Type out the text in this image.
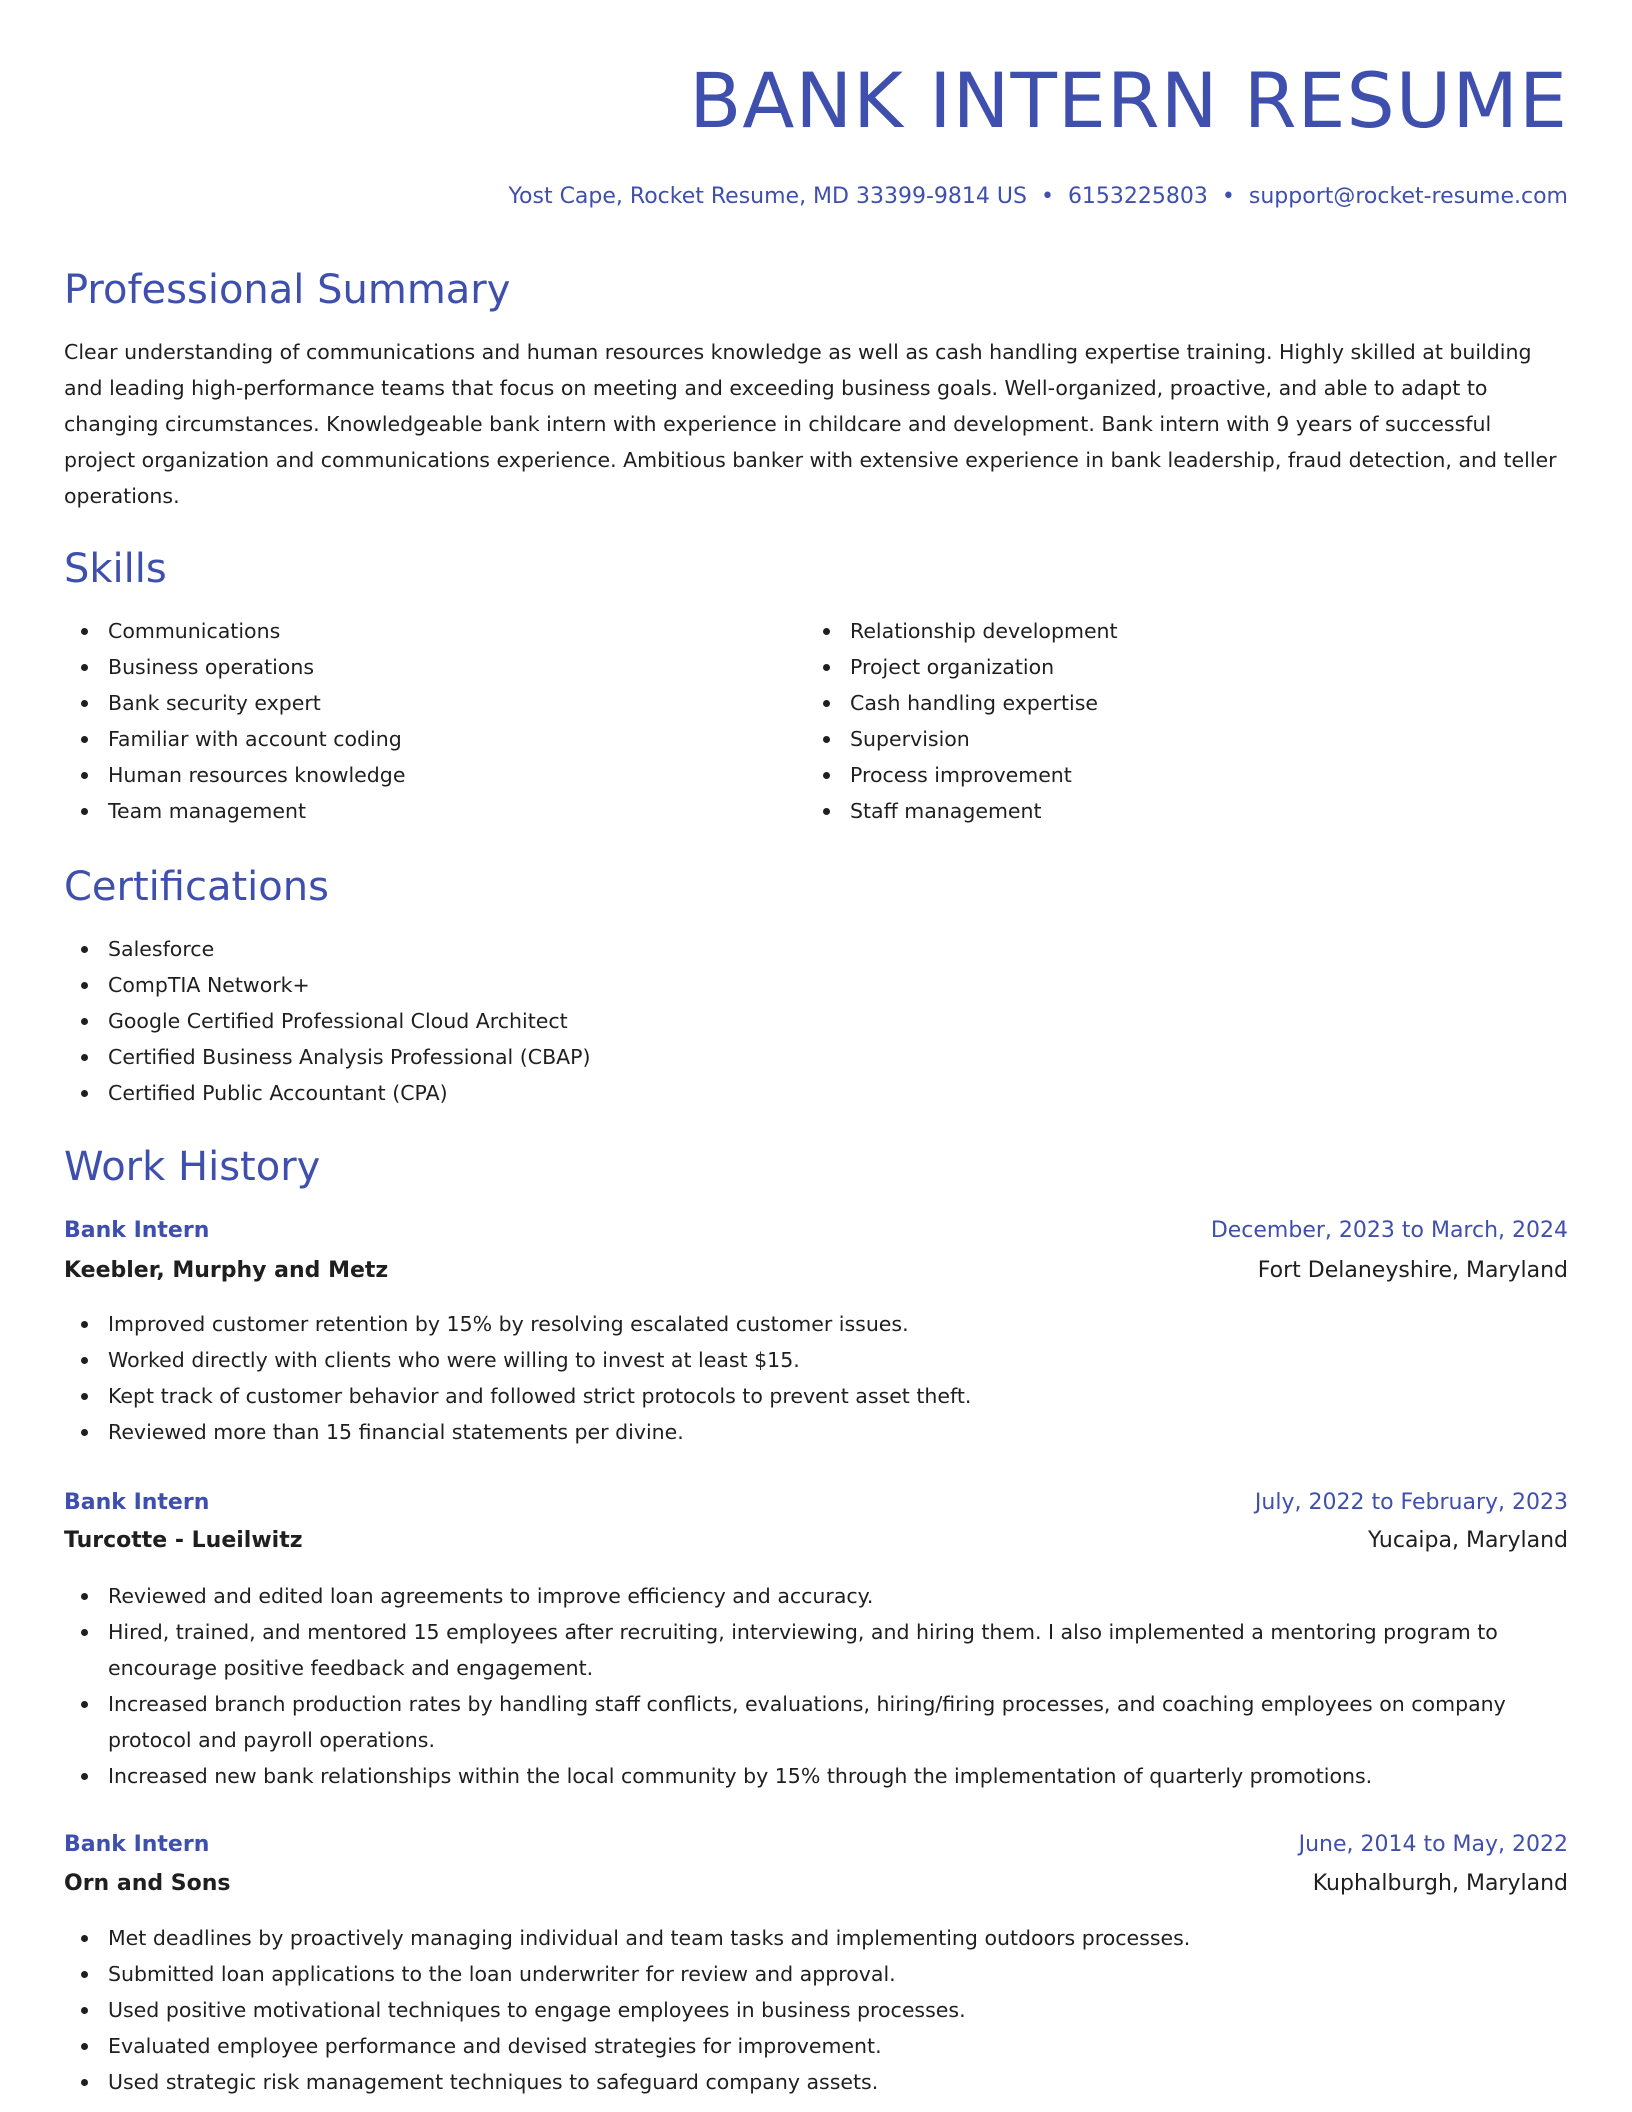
BANK INTERN RESUME
Yost Cape, Rocket Resume, MD 33399-9814 US • 6153225803 • support@rocket-resume.com
Professional Summary
Clear understanding of communications and human resources knowledge as well as cash handling expertise training. Highly skilled at building and leading high-performance teams that focus on meeting and exceeding business goals. Well-organized, proactive, and able to adapt to changing circumstances. Knowledgeable bank intern with experience in childcare and development. Bank intern with 9 years of successful project organization and communications experience. Ambitious banker with extensive experience in bank leadership, fraud detection, and teller operations.
Skills
Communications
Business operations
Bank security expert
Familiar with account coding
Human resources knowledge
Team management
Relationship development
Project organization
Cash handling expertise
Supervision
Process improvement
Staff management
Certifications
Salesforce
CompTIA Network+
Google Certified Professional Cloud Architect
Certified Business Analysis Professional (CBAP)
Certified Public Accountant (CPA)
Work History
Bank Intern	December, 2023 to March, 2024
Keebler, Murphy and Metz	Fort Delaneyshire, Maryland
Improved customer retention by 15% by resolving escalated customer issues.
Worked directly with clients who were willing to invest at least $15.
Kept track of customer behavior and followed strict protocols to prevent asset theft.
Reviewed more than 15 financial statements per divine.
Bank Intern	July, 2022 to February, 2023
Turcotte - Lueilwitz	Yucaipa, Maryland
Reviewed and edited loan agreements to improve efficiency and accuracy.
Hired, trained, and mentored 15 employees after recruiting, interviewing, and hiring them. I also implemented a mentoring program to encourage positive feedback and engagement.
Increased branch production rates by handling staff conflicts, evaluations, hiring/firing processes, and coaching employees on company protocol and payroll operations.
Increased new bank relationships within the local community by 15% through the implementation of quarterly promotions.
Bank Intern	June, 2014 to May, 2022
Orn and Sons	Kuphalburgh, Maryland
Met deadlines by proactively managing individual and team tasks and implementing outdoors processes.
Submitted loan applications to the loan underwriter for review and approval.
Used positive motivational techniques to engage employees in business processes.
Evaluated employee performance and devised strategies for improvement.
Used strategic risk management techniques to safeguard company assets.
